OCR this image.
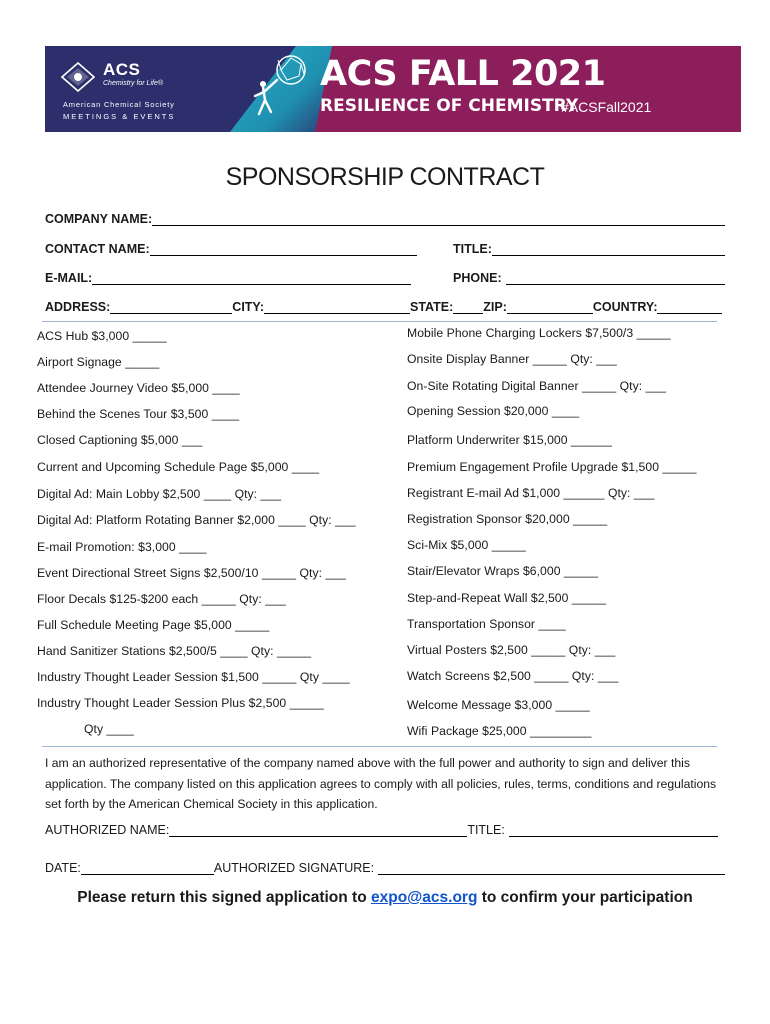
ACS
Chemistry for Life®
American Chemical Society
MEETINGS & EVENTS
ACS FALL 2021
RESILIENCE OF CHEMISTRY
#ACSFall2021
SPONSORSHIP CONTRACT
COMPANY NAME:
CONTACT NAME:	TITLE:
E-MAIL:	PHONE:
ADDRESS:	CITY:	STATE: ZIP:	COUNTRY:
ACS Hub $3,000 _____
Airport Signage _____
Attendee Journey Video $5,000 ____
Behind the Scenes Tour $3,500 ____
Closed Captioning $5,000 ___
Current and Upcoming Schedule Page $5,000 ____
Digital Ad: Main Lobby $2,500 ____ Qty: ___
Digital Ad: Platform Rotating Banner $2,000 ____ Qty: ___
E-mail Promotion: $3,000 ____
Event Directional Street Signs $2,500/10 _____ Qty: ___
Floor Decals $125-$200 each _____ Qty: ___
Full Schedule Meeting Page $5,000 _____
Hand Sanitizer Stations $2,500/5 ____ Qty: _____
Industry Thought Leader Session $1,500 _____ Qty ____
Industry Thought Leader Session Plus $2,500 _____
Qty ____
Mobile Phone Charging Lockers $7,500/3 _____
Onsite Display Banner _____ Qty: ___
On-Site Rotating Digital Banner _____ Qty: ___
Opening Session $20,000 ____
Platform Underwriter $15,000 ______
Premium Engagement Profile Upgrade $1,500 _____
Registrant E-mail Ad $1,000 ______ Qty: ___
Registration Sponsor $20,000 _____
Sci-Mix $5,000 _____
Stair/Elevator Wraps $6,000 _____
Step-and-Repeat Wall $2,500 _____
Transportation Sponsor ____
Virtual Posters $2,500 _____ Qty: ___
Watch Screens $2,500 _____ Qty: ___
Welcome Message $3,000 _____
Wifi Package $25,000 _________
I am an authorized representative of the company named above with the full power and authority to sign and deliver this application. The company listed on this application agrees to comply with all policies, rules, terms, conditions and regulations set forth by the American Chemical Society in this application.
AUTHORIZED NAME:	TITLE:
DATE:	AUTHORIZED SIGNATURE:
Please return this signed application to expo@acs.org to confirm your participation
